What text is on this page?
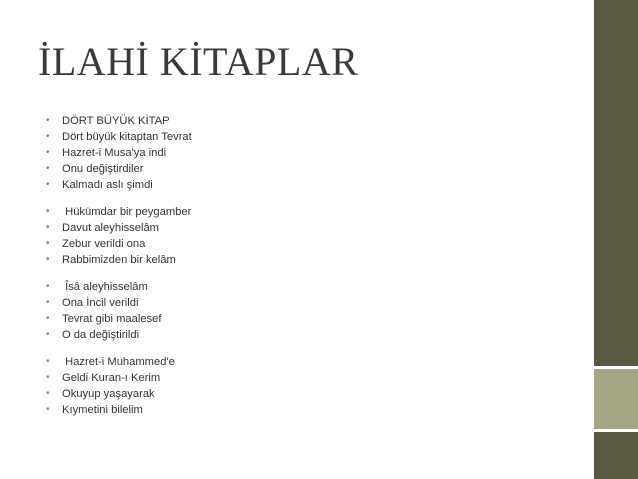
İLAHİ KİTAPLAR
• DÖRT BÜYÜK KİTAP
• Dört büyük kitaptan Tevrat
• Hazret-i Musa'ya indi
• Onu değiştirdiler
• Kalmadı aslı şimdi
• Hükümdar bir peygamber
• Davut aleyhisselâm
• Zebur verildi ona
• Rabbimizden bir kelâm
• Îsâ aleyhisselâm
• Ona İncil verildi
• Tevrat gibi maalesef
• O da değiştirildi
• Hazret-i Muhammed'e
• Geldi Kuran-ı Kerim
• Okuyup yaşayarak
• Kıymetini bilelim
